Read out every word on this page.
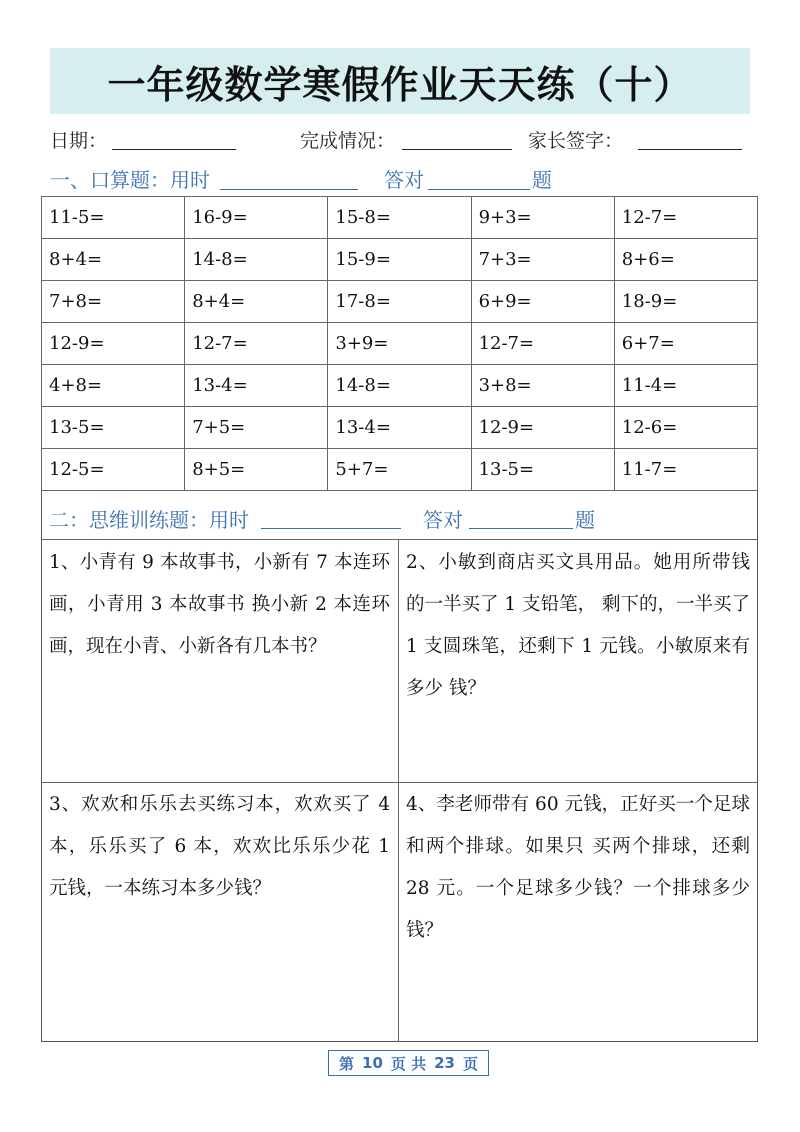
一年级数学寒假作业天天练（十）
日期：	完成情况：	家长签字：
一、口算题：用时	答对	题
11-5=	16-9=	15-8=	9+3=	12-7=
8+4=	14-8=	15-9=	7+3=	8+6=
7+8=	8+4=	17-8=	6+9=	18-9=
12-9=	12-7=	3+9=	12-7=	6+7=
4+8=	13-4=	14-8=	3+8=	11-4=
13-5=	7+5=	13-4=	12-9=	12-6=
12-5=	8+5=	5+7=	13-5=	11-7=
二：思维训练题：用时	答对	题
1、小青有 9 本故事书，小新有 7 本连环画，小青用 3 本故事书 换小新 2 本连环画，现在小青、小新各有几本书？
2、小敏到商店买文具用品。她用所带钱的一半买了 1 支铅笔， 剩下的，一半买了 1 支圆珠笔，还剩下 1 元钱。小敏原来有多少 钱？
3、欢欢和乐乐去买练习本，欢欢买了 4 本，乐乐买了 6 本，欢欢比乐乐少花 1 元钱，一本练习本多少钱？
4、李老师带有 60 元钱，正好买一个足球和两个排球。如果只 买两个排球，还剩 28 元。一个足球多少钱？一个排球多少钱？
第 10 页 共 23 页
